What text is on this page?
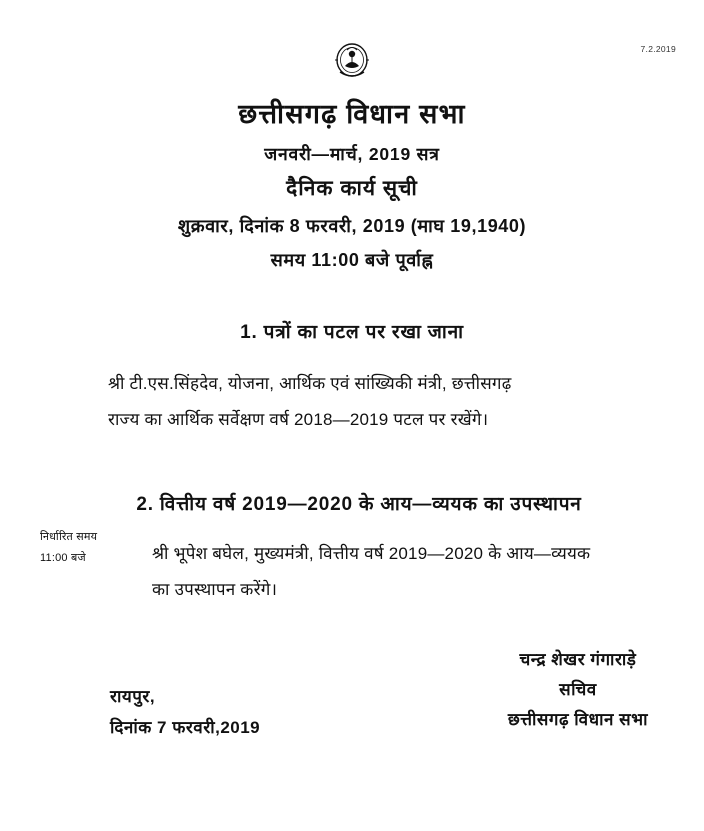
7.2.2019
छत्तीसगढ़ विधान सभा
जनवरी—मार्च, 2019 सत्र
दैनिक कार्य सूची
शुक्रवार, दिनांक 8 फरवरी, 2019 (माघ 19,1940)
समय 11:00 बजे पूर्वाह्न
1. पत्रों का पटल पर रखा जाना
श्री टी.एस.सिंहदेव, योजना, आर्थिक एवं सांख्यिकी मंत्री, छत्तीसगढ़
राज्य का आर्थिक सर्वेक्षण वर्ष 2018—2019 पटल पर रखेंगे।
2. वित्तीय वर्ष 2019—2020 के आय—व्ययक का उपस्थापन
श्री भूपेश बघेल, मुख्यमंत्री, वित्तीय वर्ष 2019—2020 के आय—व्ययक
का उपस्थापन करेंगे।
निर्धारित समय
11:00 बजे
चन्द्र शेखर गंगाराड़े
सचिव
छत्तीसगढ़ विधान सभा
रायपुर,
दिनांक 7 फरवरी,2019
